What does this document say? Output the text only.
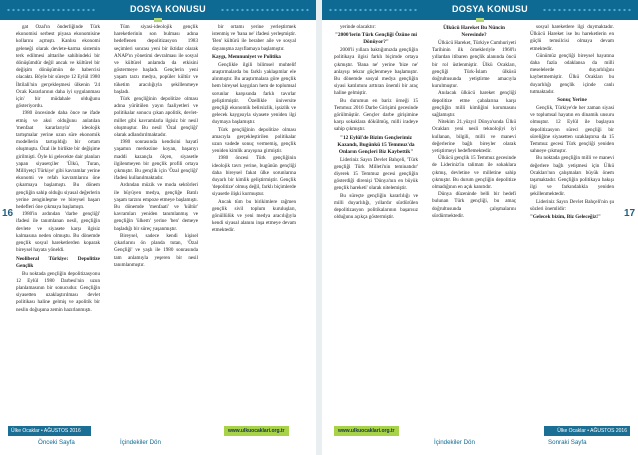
DOSYA KONUSU	DOSYA KONUSU
16	17

gat Özal'ın önderliğinde Türk ekonomisi serbest piyasa ekonomisine kollarını açmıştı. Kanlısı ekonomi geleneği olarak devlete-karma sistemin terk edilmesi alttarihe sahibindeki bir dönüşümdür değil ancak ve kültürel bir değişim dönüşümün de habercisi olacaktı. Böyle bir süreçte 12 Eylül 1980 İhtilali'nin gerçekleşmesi ülkenin '24 Ocak Kararlarının daha iyi uygulanması için' bir müdahale olduğunu gösteriyordu.

1980 öncesinde daha önce ne ifade etmiş ve aksi olduğunu anlatılan 'menfaat kararlarıyla' ideolojik tartışmalar yerine uzun süre ekonomik modellerin tartışıldığı bir ortam oluşmuştu. Özal ile birlikte bir değişime girilmişti. Öyle ki gelecekte dair planları yapan siyasetçiler 'Ülkü, Turan, Milliyetçi Türkiye' gibi kavramlar yerine ekonomi ve refah kavramlarını öne çıkarmaya başlamıştı. Bu dönem gençliğin sahip olduğu siyasal değerlerin yerine zenginleşme ve bireysel başarı hedefleri öne çıkmaya başlamıştı.

1980'in ardından 'darbe gençliği' ifadesi ile tanımlanan nesil, gençliğin devlete ve siyasete karşı ilgisiz kalmasına neden olmuştu. Bu dönemde gençlik sosyal hareketlerden koparak bireysel hayata yöneldi.

Neoliberal Türkiye: Depolitize Gençlik

Bu noktada gençliğin depolitizasyonu 12 Eylül 1980 Darbesi'nin uzun planlamasının bir sonucudur. Gençliğin siyasetten uzaklaştırılması devlet politikası haline gelmiş ve apolitik bir neslin doğuşuna zemin hazırlanmıştı.

Tüm siyasi-ideolojik gençlik hareketlerinin son bulması adına hedeflenen depolitizasyon 1983 seçimleri sonrası yeni bir iktidar olarak ANAP'ın yönetimi devralması ile sosyal ve kültürel anlamda da etkisini göstermeye başladı. Gençlerin yeni yaşam tarzı medya, popüler kültür ve tüketim aracılığıyla şekillenmeye başladı.

Türk gençliğinin depolitize olması adına yürütülen yayın faaliyetleri ve politikalar sonucu çıkan apolitik, devlet-millet gibi kavramlarla ilgisiz bir nesil oluşmuştur. Bu nesil 'Özal gençliği' olarak adlandırılmaktadır.

1980 sonrasında kendisini hayatî yaşamın merkezine koyan, başarıyı maddi kazançla ölçen, siyasetle ilgilenmeyen bir gençlik profili ortaya çıkmıştır. Bu gençlik için 'Özal gençliği' ifadesi kullanılmaktadır.

Ardından müzik ve moda sektörleri ile büyüyen medya, gençliğe Batılı yaşam tarzını empoze etmeye başlamıştı. Bu dönemde 'menfaati' ve 'kültür' kavramları yeniden tanımlanmış ve gençliğin 'ülkem' yerine 'ben' demeye başladığı bir süreç yaşanmıştır.

Bireysel, sadece kendi kişisel çıkarlarını ön planda tutan, 'Özal Gençliği' ve yaşlı ile 1980 sonrasında tam anlamıyla yeşeren bir nesil tanımlanmıştır.

bir ortamı yerine yerleştirmek istenmiş ve 'bana ne' ifadesi yerleşmiştir. 'Ben' kültürü ile beraber aile ve sosyal dayanışma zayıflamaya başlamıştır.

Kaygı, Memnuniyet ve Politika

Gençlikle ilgili bilimsel muhtelif araştırmalarda bu farklı yaklaşımlar ele alınmıştır. Bu araştırmalara göre gençlik hem bireysel kaygıları hem de toplumsal sorunlar karşısında farklı tavırlar geliştirmiştir. Özellikle üniversite gençliği ekonomik belirsizlik, işsizlik ve gelecek kaygısıyla siyasete yeniden ilgi duymaya başlamıştır.

Türk gençliğinin depolitize olması amacıyla gerçekleştirilen politikalar uzun vadede sonuç vermemiş, gençlik yeniden kimlik arayışına girmiştir.

1980 öncesi Türk gençliğinin ideolojik tavrı yerine, bugünün gençliği daha bireysel fakat ülke sorunlarına duyarlı bir kimlik geliştirmiştir. Gençlik 'depolitize' olmuş değil, farklı biçimlerde siyasetle ilişki kurmuştur.

Ancak tüm bu birikimlere rağmen gençlik sivil toplum kuruluşları, gönüllülük ve yeni medya aracılığıyla kendi siyasal alanını inşa etmeye devam etmektedir.

yerinde olacaktır:

"2000'lerin Türk Gençliği Özüne mi Dönüyor?"

2000'li yıllara baktığımızda gençliğin politikaya ilgisi farklı biçimde ortaya çıkmıştır. 'Bana ne' yerine 'bize ne' anlayışı tekrar güçlenmeye başlamıştır. Bu dönemde sosyal medya gençliğin siyasi katılımını arttıran önemli bir araç haline gelmiştir.

Bu durumun en bariz örneği 15 Temmuz 2016 Darbe Girişimi gecesinde görülmüştür. Gençler darbe girişimine karşı sokaklara dökülmüş, milli iradeye sahip çıkmıştır.

"12 Eylül'de Bizim Gençlerimiz Kazandı, Bugünkü 15 Temmuz'da Onların Gençleri Biz Kaybettik"

Lideriniz Sayın Devlet Bahçeli, 'Türk gençliği Türk Milleti'nin teminatıdır' diyerek 15 Temmuz gecesi gençliğin gösterdiği direnişi 'Dünya'nın en büyük gençlik hareketi' olarak nitelemiştir.

Bu süreçte gençliğin kararlılığı ve milli duyarlılığı, yıllardır sürdürülen depolitizasyon politikalarının başarısız olduğunu açıkça göstermiştir.

Ülkücü Hareket Bu Nüncin Neresinde?

Ülkücü Hareket, Türkiye Cumhuriyeti Tarihinin ilk örnekleriyle 1960'lı yıllardan itibaren gençlik alanında öncü bir rol üstlenmiştir. Ülkü Ocakları, gençliği Türk-İslam ülküsü doğrultusunda yetiştirme amacıyla kurulmuştur.

Anılacak ülkücü hareket gençliği depolitize etme çabalarına karşı gençliğin milli kimliğini korumasını sağlamıştır.

Nitekim 21.yüzyıl Dünya'sında Ülkü Ocakları yeni nesli teknolojiyi iyi kullanan, bilgili, milli ve manevi değerlerine bağlı bireyler olarak yetiştirmeyi hedeflemektedir.

Ülkücü gençlik 15 Temmuz gecesinde de Lideriniz'in talimatı ile sokaklara çıkmış, devletine ve milletine sahip çıkmıştır. Bu durum gençliğin depolitize olmadığının en açık kanıtıdır.

Dünya düzeninde belli bir hedefi bulunan Türk gençliği, bu amaç doğrultusunda çalışmalarını sürdürmektedir.

sosyal hareketlere ilgi duymaktadır. Ülkücü Hareket ise bu hareketlerin en güçlü temsilcisi olmaya devam etmektedir.

Günümüz gençliği bireysel hayatına daha fazla odaklansa da milli meselelerde duyarlılığını kaybetmemiştir. Ülkü Ocakları bu duyarlılığı gençlik içinde canlı tutmaktadır.

Sonuç Yerine

Gençlik, Türkiye'de her zaman siyasi ve toplumsal hayatın en dinamik unsuru olmuştur. 12 Eylül ile başlayan depolitizasyon süreci gençliği bir süreliğine siyasetten uzaklaştırsa da 15 Temmuz gecesi Türk gençliği yeniden sahneye çıkmıştır.

Bu noktada gençliğin milli ve manevi değerlere bağlı yetişmesi için Ülkü Ocakları'nın çalışmaları büyük önem taşımaktadır. Gençliğin politikaya bakışı ilgi ve farkındalıkla yeniden şekillenmektedir.

Lideriniz Sayın Devlet Bahçeli'nin şu sözleri önemlidir:

"Gelecek bizim, Biz Geleceğiz!"
Ülke Ocaklar • AĞUSTOS 2016	www.ulkuocaklari.org.tr	www.ulkuocaklari.org.tr	Ülke Ocaklar • AĞUSTOS 2016
Önceki Sayfa	İçindekiler Dön	İçindekiler Dön	Sonraki Sayfa
